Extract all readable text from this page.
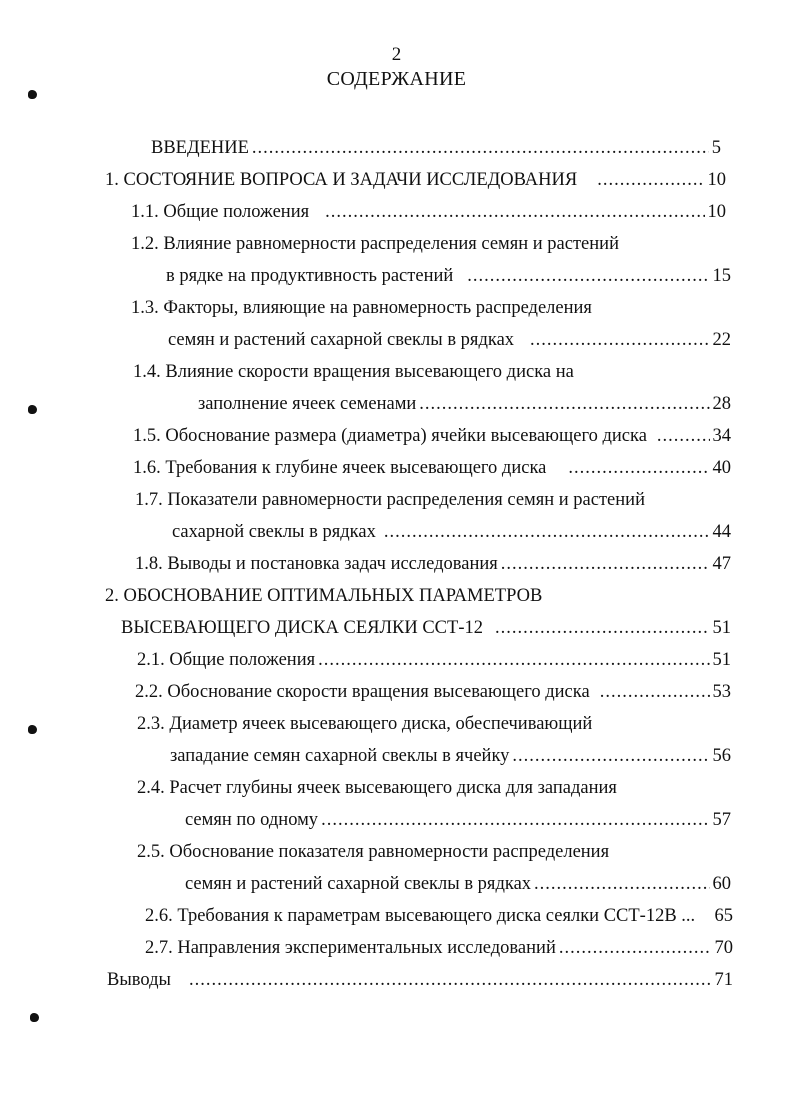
2
СОДЕРЖАНИЕ
ВВЕДЕНИЕ .....	5
1. СОСТОЯНИЕ ВОПРОСА И ЗАДАЧИ ИССЛЕДОВАНИЯ .....	10
1.1. Общие положения .....	10
1.2. Влияние равномерности распределения семян и растений
в рядке на продуктивность растений .....	15
1.3. Факторы, влияющие на равномерность распределения
семян и растений сахарной свеклы в рядках .....	22
1.4. Влияние скорости вращения высевающего диска на
заполнение ячеек семенами .....	28
1.5. Обоснование размера (диаметра) ячейки высевающего диска .....	34
1.6. Требования к глубине ячеек высевающего диска .....	40
1.7. Показатели равномерности распределения семян и растений
сахарной свеклы в рядках .....	44
1.8. Выводы и постановка задач исследования .....	47
2. ОБОСНОВАНИЕ ОПТИМАЛЬНЫХ ПАРАМЕТРОВ
ВЫСЕВАЮЩЕГО ДИСКА СЕЯЛКИ ССТ-12 .....	51
2.1. Общие положения .....	51
2.2. Обоснование скорости вращения высевающего диска .....	53
2.3. Диаметр ячеек высевающего диска, обеспечивающий
западание семян сахарной свеклы в ячейку .....	56
2.4. Расчет глубины ячеек высевающего диска для западания
семян по одному .....	57
2.5. Обоснование показателя равномерности распределения
семян и растений сахарной свеклы в рядках .....	60
2.6. Требования к параметрам высевающего диска сеялки ССТ-12В ... 65
2.7. Направления экспериментальных исследований .....	70
Выводы .....	71
